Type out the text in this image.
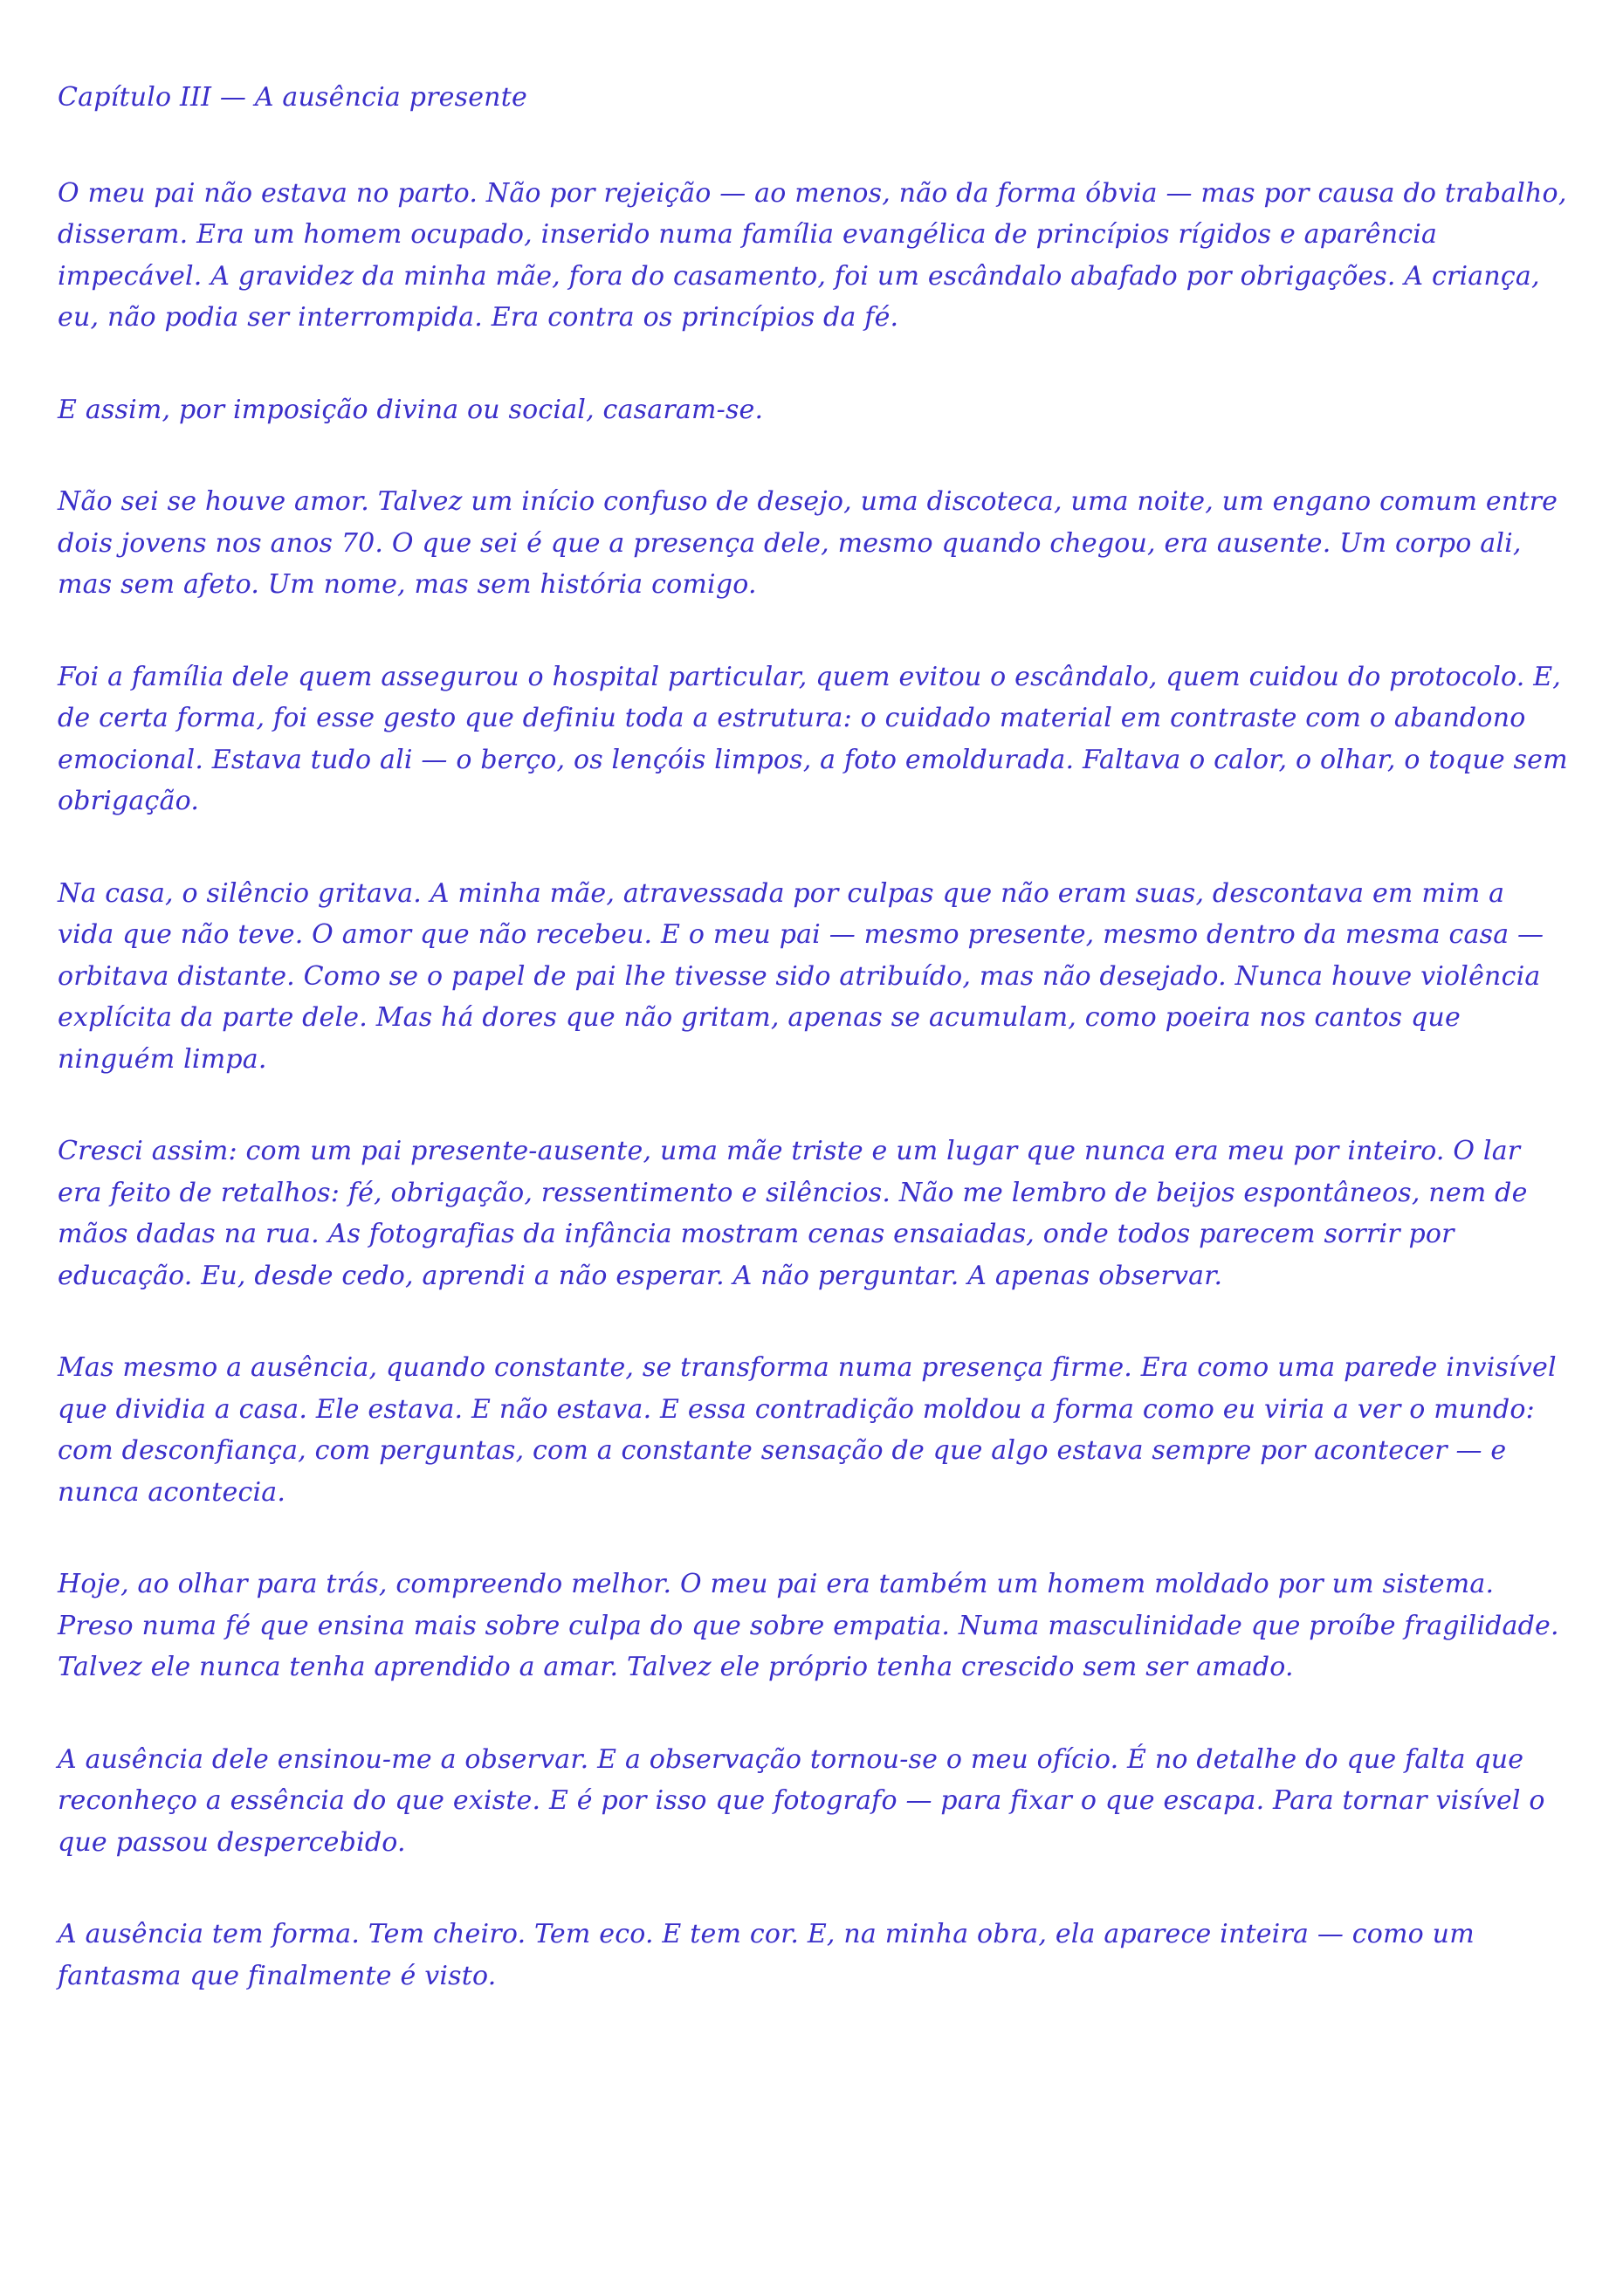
Capítulo III — A ausência presente

O meu pai não estava no parto. Não por rejeição — ao menos, não da forma óbvia — mas por causa do trabalho, disseram. Era um homem ocupado, inserido numa família evangélica de princípios rígidos e aparência impecável. A gravidez da minha mãe, fora do casamento, foi um escândalo abafado por obrigações. A criança, eu, não podia ser interrompida. Era contra os princípios da fé.

E assim, por imposição divina ou social, casaram-se.

Não sei se houve amor. Talvez um início confuso de desejo, uma discoteca, uma noite, um engano comum entre dois jovens nos anos 70. O que sei é que a presença dele, mesmo quando chegou, era ausente. Um corpo ali, mas sem afeto. Um nome, mas sem história comigo.

Foi a família dele quem assegurou o hospital particular, quem evitou o escândalo, quem cuidou do protocolo. E, de certa forma, foi esse gesto que definiu toda a estrutura: o cuidado material em contraste com o abandono emocional. Estava tudo ali — o berço, os lençóis limpos, a foto emoldurada. Faltava o calor, o olhar, o toque sem obrigação.

Na casa, o silêncio gritava. A minha mãe, atravessada por culpas que não eram suas, descontava em mim a vida que não teve. O amor que não recebeu. E o meu pai — mesmo presente, mesmo dentro da mesma casa — orbitava distante. Como se o papel de pai lhe tivesse sido atribuído, mas não desejado. Nunca houve violência explícita da parte dele. Mas há dores que não gritam, apenas se acumulam, como poeira nos cantos que ninguém limpa.

Cresci assim: com um pai presente-ausente, uma mãe triste e um lugar que nunca era meu por inteiro. O lar era feito de retalhos: fé, obrigação, ressentimento e silêncios. Não me lembro de beijos espontâneos, nem de mãos dadas na rua. As fotografias da infância mostram cenas ensaiadas, onde todos parecem sorrir por educação. Eu, desde cedo, aprendi a não esperar. A não perguntar. A apenas observar.

Mas mesmo a ausência, quando constante, se transforma numa presença firme. Era como uma parede invisível que dividia a casa. Ele estava. E não estava. E essa contradição moldou a forma como eu viria a ver o mundo: com desconfiança, com perguntas, com a constante sensação de que algo estava sempre por acontecer — e nunca acontecia.

Hoje, ao olhar para trás, compreendo melhor. O meu pai era também um homem moldado por um sistema. Preso numa fé que ensina mais sobre culpa do que sobre empatia. Numa masculinidade que proíbe fragilidade. Talvez ele nunca tenha aprendido a amar. Talvez ele próprio tenha crescido sem ser amado.

A ausência dele ensinou-me a observar. E a observação tornou-se o meu ofício. É no detalhe do que falta que reconheço a essência do que existe. E é por isso que fotografo — para fixar o que escapa. Para tornar visível o que passou despercebido.

A ausência tem forma. Tem cheiro. Tem eco. E tem cor. E, na minha obra, ela aparece inteira — como um fantasma que finalmente é visto.
